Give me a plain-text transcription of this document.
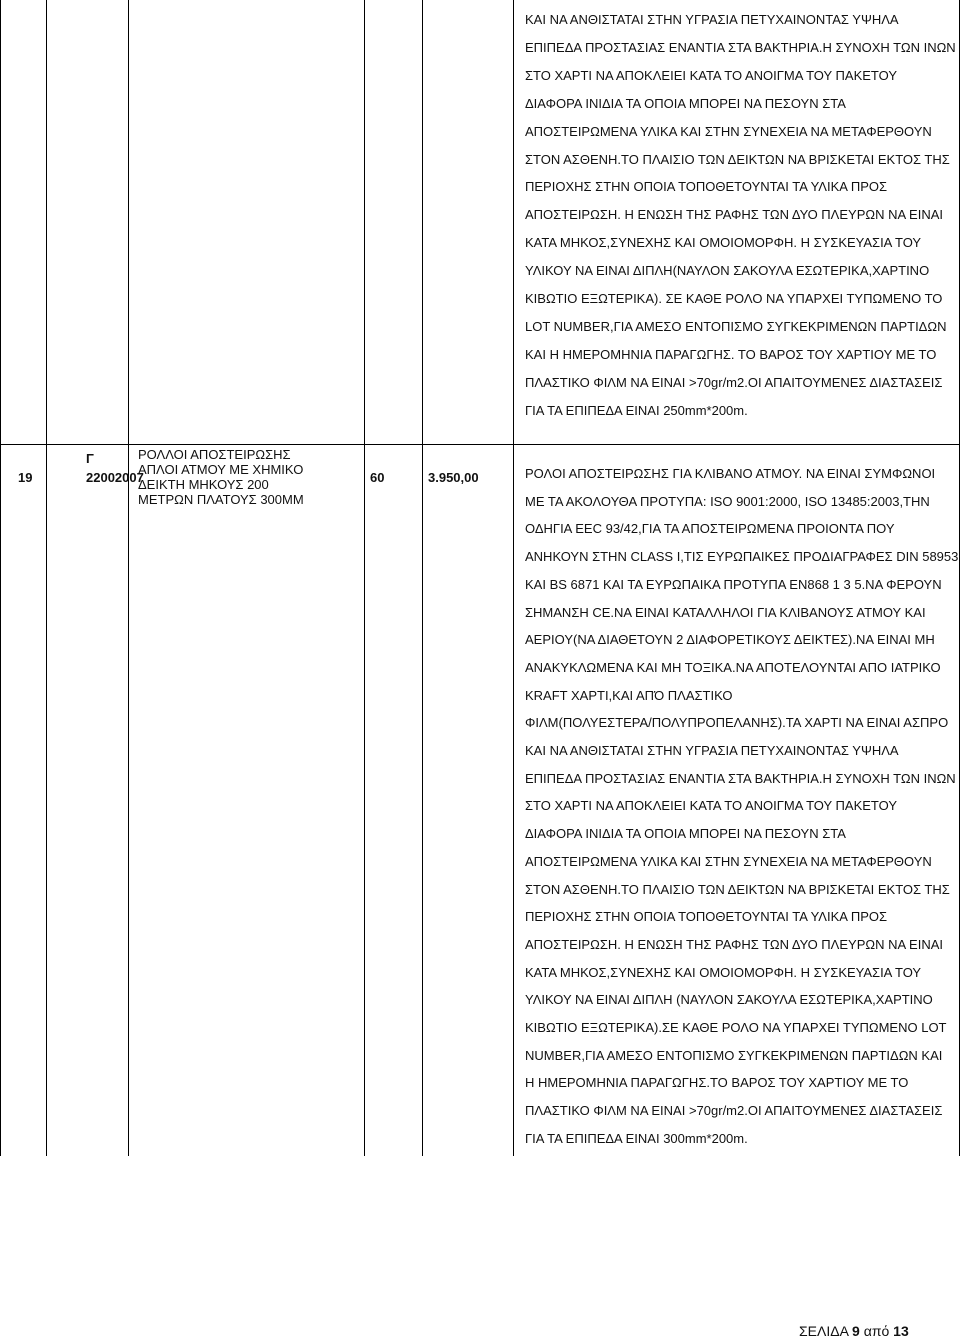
ΚΑΙ ΝΑ ΑΝΘΙΣΤΑΤΑΙ ΣΤΗΝ ΥΓΡΑΣΙΑ ΠΕΤΥΧΑΙΝΟΝΤΑΣ ΥΨΗΛΑ
ΕΠΙΠΕΔΑ ΠΡΟΣΤΑΣΙΑΣ ΕΝΑΝΤΙΑ ΣΤΑ ΒΑΚΤΗΡΙΑ.Η ΣΥΝΟΧΗ ΤΩΝ ΙΝΩΝ
ΣΤΟ ΧΑΡΤΙ ΝΑ ΑΠΟΚΛΕΙΕΙ ΚΑΤΑ ΤΟ ΑΝΟΙΓΜΑ ΤΟΥ ΠΑΚΕΤΟΥ
ΔΙΑΦΟΡΑ ΙΝΙΔΙΑ ΤΑ ΟΠΟΙΑ ΜΠΟΡΕΙ ΝΑ ΠΕΣΟΥΝ ΣΤΑ
ΑΠΟΣΤΕΙΡΩΜΕΝΑ ΥΛΙΚΑ ΚΑΙ ΣΤΗΝ ΣΥΝΕΧΕΙΑ ΝΑ ΜΕΤΑΦΕΡΘΟΥΝ
ΣΤΟΝ ΑΣΘΕΝΗ.ΤΟ ΠΛΑΙΣΙΟ ΤΩΝ ΔΕΙΚΤΩΝ ΝΑ ΒΡΙΣΚΕΤΑΙ ΕΚΤΟΣ ΤΗΣ
ΠΕΡΙΟΧΗΣ ΣΤΗΝ ΟΠΟΙΑ ΤΟΠΟΘΕΤΟΥΝΤΑΙ ΤΑ ΥΛΙΚΑ ΠΡΟΣ
ΑΠΟΣΤΕΙΡΩΣΗ. Η ΕΝΩΣΗ ΤΗΣ ΡΑΦΗΣ ΤΩΝ ΔΥΟ ΠΛΕΥΡΩΝ ΝΑ ΕΙΝΑΙ
ΚΑΤΑ ΜΗΚΟΣ,ΣΥΝΕΧΗΣ ΚΑΙ ΟΜΟΙΟΜΟΡΦΗ. Η ΣΥΣΚΕΥΑΣΙΑ ΤΟΥ
ΥΛΙΚΟΥ ΝΑ ΕΙΝΑΙ ΔΙΠΛΗ(ΝΑΥΛΟΝ ΣΑΚΟΥΛΑ ΕΣΩΤΕΡΙΚΑ,ΧΑΡΤΙΝΟ
ΚΙΒΩΤΙΟ ΕΞΩΤΕΡΙΚΑ). ΣΕ ΚΑΘΕ ΡΟΛΟ ΝΑ ΥΠΑΡΧΕΙ ΤΥΠΩΜΕΝΟ ΤΟ
LOT NUMBER,ΓΙΑ ΑΜΕΣΟ ΕΝΤΟΠΙΣΜΟ ΣΥΓΚΕΚΡΙΜΕΝΩΝ ΠΑΡΤΙΔΩΝ
ΚΑΙ Η ΗΜΕΡΟΜΗΝΙΑ ΠΑΡΑΓΩΓΗΣ. ΤΟ ΒΑΡΟΣ ΤΟΥ ΧΑΡΤΙΟΥ ΜΕ ΤΟ
ΠΛΑΣΤΙΚΟ ΦΙΛΜ ΝΑ ΕΙΝΑΙ >70gr/m2.ΟΙ ΑΠΑΙΤΟΥΜΕΝΕΣ ΔΙΑΣΤΑΣΕΙΣ
ΓΙΑ ΤΑ ΕΠΙΠΕΔΑ ΕΙΝΑΙ 250mm*200m.
19
Γ
22002007
ΡΟΛΛΟΙ ΑΠΟΣΤΕΙΡΩΣΗΣ
ΑΠΛΟΙ ΑΤΜΟΥ ΜΕ ΧΗΜΙΚΟ
ΔΕΙΚΤΗ ΜΗΚΟΥΣ 200
ΜΕΤΡΩΝ ΠΛΑΤΟΥΣ 300ΜΜ
60	3.950,00	ΡΟΛΟΙ ΑΠΟΣΤΕΙΡΩΣΗΣ ΓΙΑ ΚΛΙΒΑΝΟ ΑΤΜΟΥ. ΝΑ ΕΙΝΑΙ ΣΥΜΦΩΝΟΙ
ΜΕ ΤΑ ΑΚΟΛΟΥΘΑ ΠΡΟΤΥΠΑ: ISO 9001:2000, ISO 13485:2003,ΤΗΝ
ΟΔΗΓΙΑ EEC 93/42,ΓΙΑ ΤΑ ΑΠΟΣΤΕΙΡΩΜΕΝΑ ΠΡΟΙΟΝΤΑ ΠΟΥ
ΑΝΗΚΟΥΝ ΣΤΗΝ CLASS I,ΤΙΣ ΕΥΡΩΠΑΙΚΕΣ ΠΡΟΔΙΑΓΡΑΦΕΣ DIN 58953
ΚΑΙ BS 6871 ΚΑΙ ΤΑ ΕΥΡΩΠΑΙΚΑ ΠΡΟΤΥΠΑ ΕΝ868 1 3 5.ΝΑ ΦΕΡΟΥΝ
ΣΗΜΑΝΣΗ CE.ΝΑ ΕΙΝΑΙ ΚΑΤΑΛΛΗΛΟΙ ΓΙΑ ΚΛΙΒΑΝΟΥΣ ΑΤΜΟΥ ΚΑΙ
ΑΕΡΙΟΥ(ΝΑ ΔΙΑΘΕΤΟΥΝ 2 ΔΙΑΦΟΡΕΤΙΚΟΥΣ ΔΕΙΚΤΕΣ).ΝΑ ΕΙΝΑΙ ΜΗ
ΑΝΑΚΥΚΛΩΜΕΝΑ ΚΑΙ ΜΗ ΤΟΞΙΚΑ.ΝΑ ΑΠΟΤΕΛΟΥΝΤΑΙ ΑΠΟ ΙΑΤΡΙΚΟ
KRAFT ΧΑΡΤΙ,ΚΑΙ ΑΠΌ ΠΛΑΣΤΙΚΟ
ΦΙΛΜ(ΠΟΛΥΕΣΤΕΡΑ/ΠΟΛΥΠΡΟΠΕΛΑΝΗΣ).ΤΑ ΧΑΡΤΙ ΝΑ ΕΙΝΑΙ ΑΣΠΡΟ
ΚΑΙ ΝΑ ΑΝΘΙΣΤΑΤΑΙ ΣΤΗΝ ΥΓΡΑΣΙΑ ΠΕΤΥΧΑΙΝΟΝΤΑΣ ΥΨΗΛΑ
ΕΠΙΠΕΔΑ ΠΡΟΣΤΑΣΙΑΣ ΕΝΑΝΤΙΑ ΣΤΑ ΒΑΚΤΗΡΙΑ.Η ΣΥΝΟΧΗ ΤΩΝ ΙΝΩΝ
ΣΤΟ ΧΑΡΤΙ ΝΑ ΑΠΟΚΛΕΙΕΙ ΚΑΤΑ ΤΟ ΑΝΟΙΓΜΑ ΤΟΥ ΠΑΚΕΤΟΥ
ΔΙΑΦΟΡΑ ΙΝΙΔΙΑ ΤΑ ΟΠΟΙΑ ΜΠΟΡΕΙ ΝΑ ΠΕΣΟΥΝ ΣΤΑ
ΑΠΟΣΤΕΙΡΩΜΕΝΑ ΥΛΙΚΑ ΚΑΙ ΣΤΗΝ ΣΥΝΕΧΕΙΑ ΝΑ ΜΕΤΑΦΕΡΘΟΥΝ
ΣΤΟΝ ΑΣΘΕΝΗ.ΤΟ ΠΛΑΙΣΙΟ ΤΩΝ ΔΕΙΚΤΩΝ ΝΑ ΒΡΙΣΚΕΤΑΙ ΕΚΤΟΣ ΤΗΣ
ΠΕΡΙΟΧΗΣ ΣΤΗΝ ΟΠΟΙΑ ΤΟΠΟΘΕΤΟΥΝΤΑΙ ΤΑ ΥΛΙΚΑ ΠΡΟΣ
ΑΠΟΣΤΕΙΡΩΣΗ. Η ΕΝΩΣΗ ΤΗΣ ΡΑΦΗΣ ΤΩΝ ΔΥΟ ΠΛΕΥΡΩΝ ΝΑ ΕΙΝΑΙ
ΚΑΤΑ ΜΗΚΟΣ,ΣΥΝΕΧΗΣ ΚΑΙ ΟΜΟΙΟΜΟΡΦΗ. Η ΣΥΣΚΕΥΑΣΙΑ ΤΟΥ
ΥΛΙΚΟΥ ΝΑ ΕΙΝΑΙ ΔΙΠΛΗ (ΝΑΥΛΟΝ ΣΑΚΟΥΛΑ ΕΣΩΤΕΡΙΚΑ,ΧΑΡΤΙΝΟ
ΚΙΒΩΤΙΟ ΕΞΩΤΕΡΙΚΑ).ΣΕ ΚΑΘΕ ΡΟΛΟ ΝΑ ΥΠΑΡΧΕΙ ΤΥΠΩΜΕΝΟ LOT
NUMBER,ΓΙΑ ΑΜΕΣΟ ΕΝΤΟΠΙΣΜΟ ΣΥΓΚΕΚΡΙΜΕΝΩΝ ΠΑΡΤΙΔΩΝ ΚΑΙ
Η ΗΜΕΡΟΜΗΝΙΑ ΠΑΡΑΓΩΓΗΣ.ΤΟ ΒΑΡΟΣ ΤΟΥ ΧΑΡΤΙΟΥ ΜΕ ΤΟ
ΠΛΑΣΤΙΚΟ ΦΙΛΜ ΝΑ ΕΙΝΑΙ >70gr/m2.ΟΙ ΑΠΑΙΤΟΥΜΕΝΕΣ ΔΙΑΣΤΑΣΕΙΣ
ΓΙΑ ΤΑ ΕΠΙΠΕΔΑ ΕΙΝΑΙ 300mm*200m.
ΣΕΛΙΔΑ 9 από 13
